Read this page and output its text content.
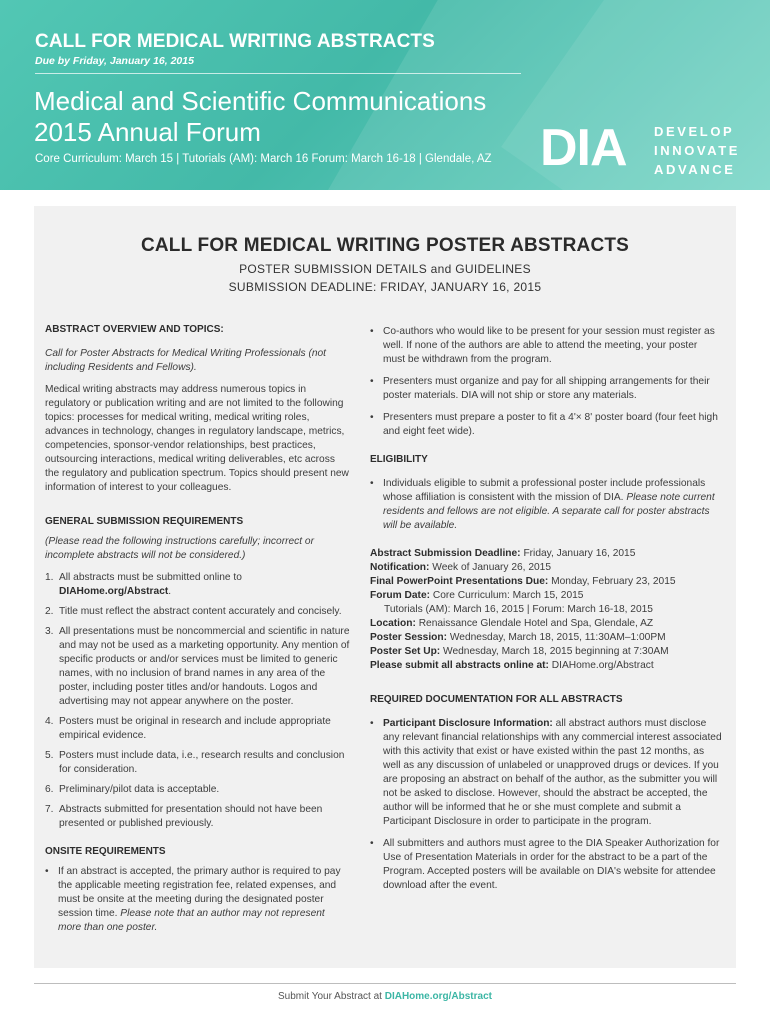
CALL FOR MEDICAL WRITING ABSTRACTS
Due by Friday, January 16, 2015
Medical and Scientific Communications
2015 Annual Forum
Core Curriculum: March 15 | Tutorials (AM): March 16 Forum: March 16-18 | Glendale, AZ DIA DEVELOP
INNOVATE
ADVANCE
CALL FOR MEDICAL WRITING POSTER ABSTRACTS
POSTER SUBMISSION DETAILS and GUIDELINES
SUBMISSION DEADLINE: FRIDAY, JANUARY 16, 2015
ABSTRACT OVERVIEW AND TOPICS:

Call for Poster Abstracts for Medical Writing Professionals (not including Residents and Fellows).

Medical writing abstracts may address numerous topics in regulatory or publication writing and are not limited to the following topics: processes for medical writing, medical writing roles, advances in technology, changes in regulatory landscape, metrics, competencies, sponsor-vendor relationships, best practices, outsourcing interactions, medical writing deliverables, etc across the regulatory and publication spectrum. Topics should present new information of interest to your colleagues.

GENERAL SUBMISSION REQUIREMENTS

(Please read the following instructions carefully; incorrect or incomplete abstracts will not be considered.)

1. All abstracts must be submitted online to
DIAHome.org/Abstract.
2. Title must reflect the abstract content accurately and concisely.
3. All presentations must be noncommercial and scientific in nature and may not be used as a marketing opportunity. Any mention of specific products or and/or services must be limited to generic names, with no inclusion of brand names in any area of the poster, including poster titles and/or handouts. Logos and advertising may not appear anywhere on the poster.
4. Posters must be original in research and include appropriate empirical evidence.
5. Posters must include data, i.e., research results and conclusion for consideration.
6. Preliminary/pilot data is acceptable.
7. Abstracts submitted for presentation should not have been presented or published previously.
ONSITE REQUIREMENTS
• If an abstract is accepted, the primary author is required to pay the applicable meeting registration fee, related expenses, and must be onsite at the meeting during the designated poster session time. Please note that an author may not represent more than one poster.
• Co-authors who would like to be present for your session must register as well. If none of the authors are able to attend the meeting, your poster must be withdrawn from the program.
• Presenters must organize and pay for all shipping arrangements for their poster materials. DIA will not ship or store any materials.
• Presenters must prepare a poster to fit a 4'× 8' poster board (four feet high and eight feet wide).
ELIGIBILITY
• Individuals eligible to submit a professional poster include professionals whose affiliation is consistent with the mission of DIA. Please note current residents and fellows are not eligible. A separate call for poster abstracts will be available.
Abstract Submission Deadline: Friday, January 16, 2015
Notification: Week of January 26, 2015
Final PowerPoint Presentations Due: Monday, February 23, 2015
Forum Date: Core Curriculum: March 15, 2015
Tutorials (AM): March 16, 2015 | Forum: March 16-18, 2015
Location: Renaissance Glendale Hotel and Spa, Glendale, AZ
Poster Session: Wednesday, March 18, 2015, 11:30AM–1:00PM
Poster Set Up: Wednesday, March 18, 2015 beginning at 7:30AM
Please submit all abstracts online at: DIAHome.org/Abstract
REQUIRED DOCUMENTATION FOR ALL ABSTRACTS
• Participant Disclosure Information: all abstract authors must disclose any relevant financial relationships with any commercial interest associated with this activity that exist or have existed within the past 12 months, as well as any discussion of unlabeled or unapproved drugs or devices. If you are proposing an abstract on behalf of the author, as the submitter you will not be asked to disclose. However, should the abstract be accepted, the author will be informed that he or she must complete and submit a Participant Disclosure in order to participate in the program.
• All submitters and authors must agree to the DIA Speaker Authorization for Use of Presentation Materials in order for the abstract to be a part of the Program. Accepted posters will be available on DIA's website for attendee download after the event.
Submit Your Abstract at DIAHome.org/Abstract
